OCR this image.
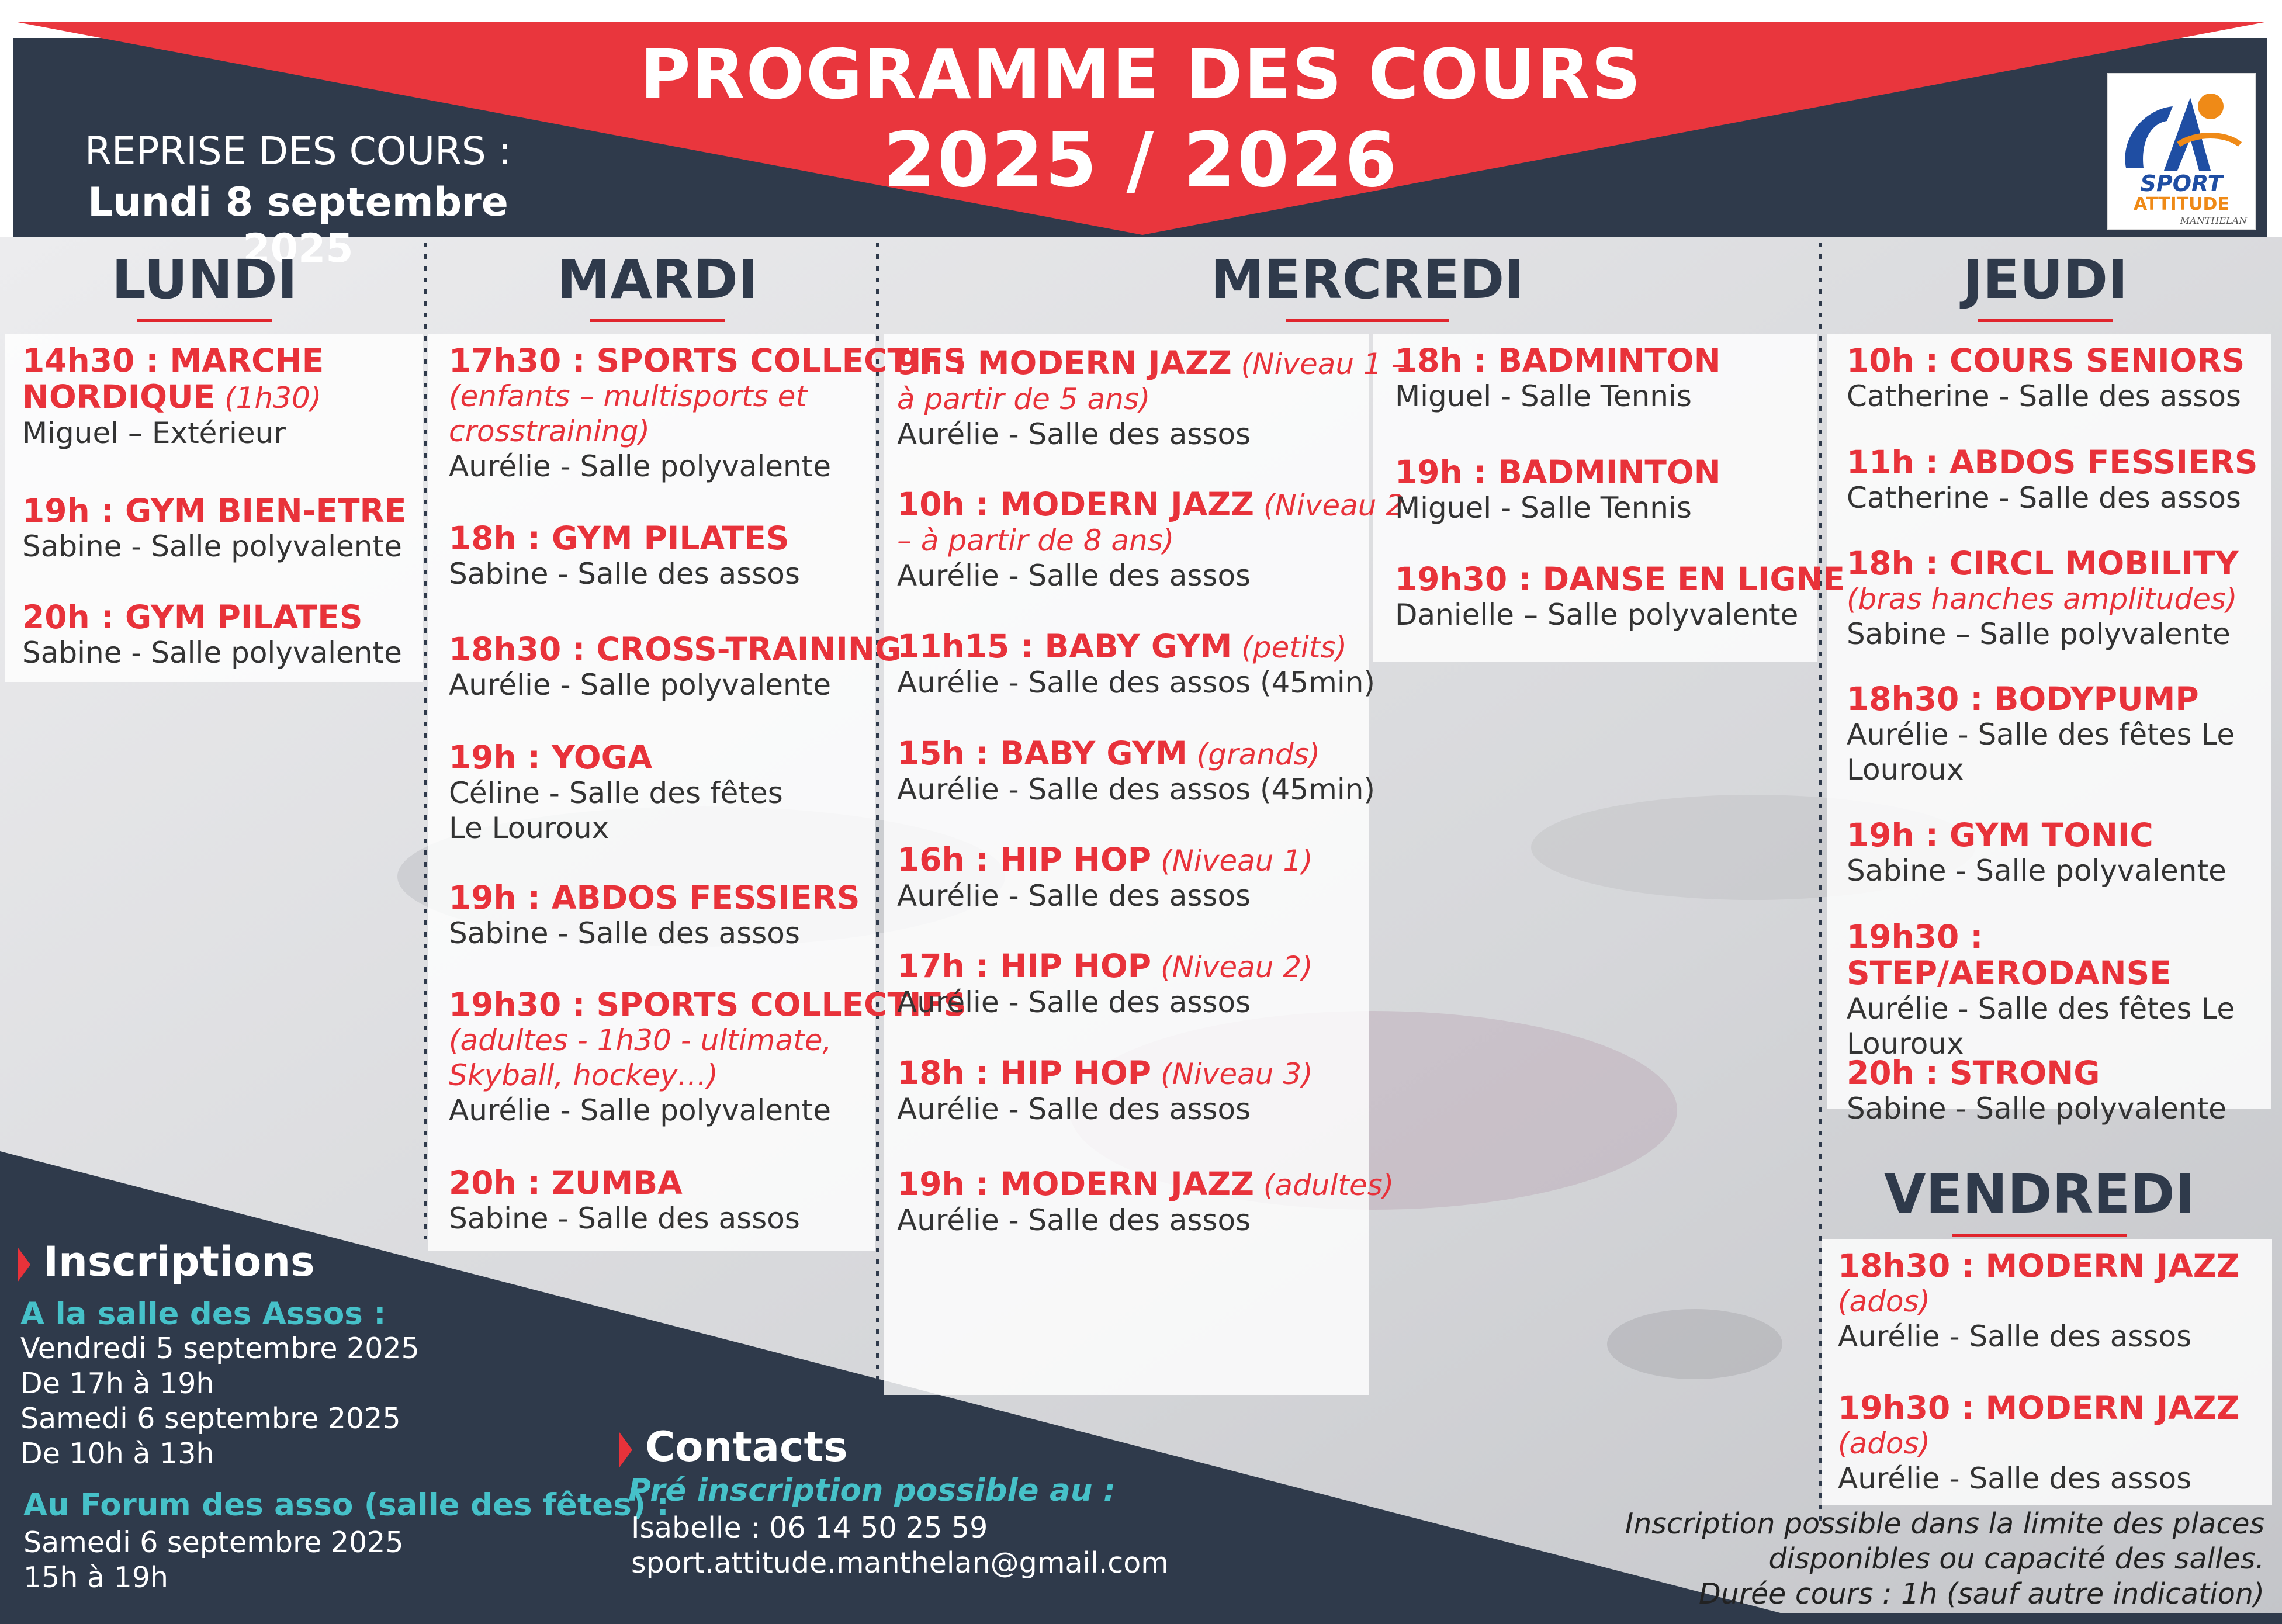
PROGRAMME DES COURS
2025 / 2026
REPRISE DES COURS :
Lundi 8 septembre 2025
SPORT
ATTITUDE
MANTHELAN
LUNDI	MARDI	MERCREDI	JEUDI
VENDREDI
14h30 : MARCHE
NORDIQUE (1h30)
Miguel – Extérieur
19h : GYM BIEN-ETRE
Sabine - Salle polyvalente
20h : GYM PILATES
Sabine - Salle polyvalente
17h30 : SPORTS COLLECTIFS
(enfants – multisports et
crosstraining)
Aurélie - Salle polyvalente
18h : GYM PILATES
Sabine - Salle des assos
18h30 : CROSS-TRAINING
Aurélie - Salle polyvalente
19h : YOGA
Céline - Salle des fêtes
Le Louroux
19h : ABDOS FESSIERS
Sabine - Salle des assos
19h30 : SPORTS COLLECTIFS
(adultes - 1h30 - ultimate,
Skyball, hockey…)
Aurélie - Salle polyvalente
20h : ZUMBA
Sabine - Salle des assos
9h : MODERN JAZZ (Niveau 1 –
à partir de 5 ans)
Aurélie - Salle des assos
10h : MODERN JAZZ (Niveau 2
– à partir de 8 ans)
Aurélie - Salle des assos
11h15 : BABY GYM (petits)
Aurélie - Salle des assos (45min)
15h : BABY GYM (grands)
Aurélie - Salle des assos (45min)
16h : HIP HOP (Niveau 1)
Aurélie - Salle des assos
17h : HIP HOP (Niveau 2)
Aurélie - Salle des assos
18h : HIP HOP (Niveau 3)
Aurélie - Salle des assos
19h : MODERN JAZZ (adultes)
Aurélie - Salle des assos
18h : BADMINTON
Miguel - Salle Tennis
19h : BADMINTON
Miguel - Salle Tennis
19h30 : DANSE EN LIGNE
Danielle – Salle polyvalente
10h : COURS SENIORS
Catherine - Salle des assos
11h : ABDOS FESSIERS
Catherine - Salle des assos
18h : CIRCL MOBILITY
(bras hanches amplitudes)
Sabine – Salle polyvalente
18h30 : BODYPUMP
Aurélie - Salle des fêtes Le
Louroux
19h : GYM TONIC
Sabine - Salle polyvalente
19h30 : STEP/AERODANSE
Aurélie - Salle des fêtes Le
Louroux
20h : STRONG
Sabine - Salle polyvalente
18h30 : MODERN JAZZ
(ados)
Aurélie - Salle des assos
19h30 : MODERN JAZZ
(ados)
Aurélie - Salle des assos
Inscriptions
A la salle des Assos :
Vendredi 5 septembre 2025
De 17h à 19h
Samedi 6 septembre 2025
De 10h à 13h
Au Forum des asso (salle des fêtes) :
Samedi 6 septembre 2025
15h à 19h
Contacts
Pré inscription possible au :
Isabelle : 06 14 50 25 59
sport.attitude.manthelan@gmail.com
Inscription possible dans la limite des places
disponibles ou capacité des salles.
Durée cours : 1h (sauf autre indication)
